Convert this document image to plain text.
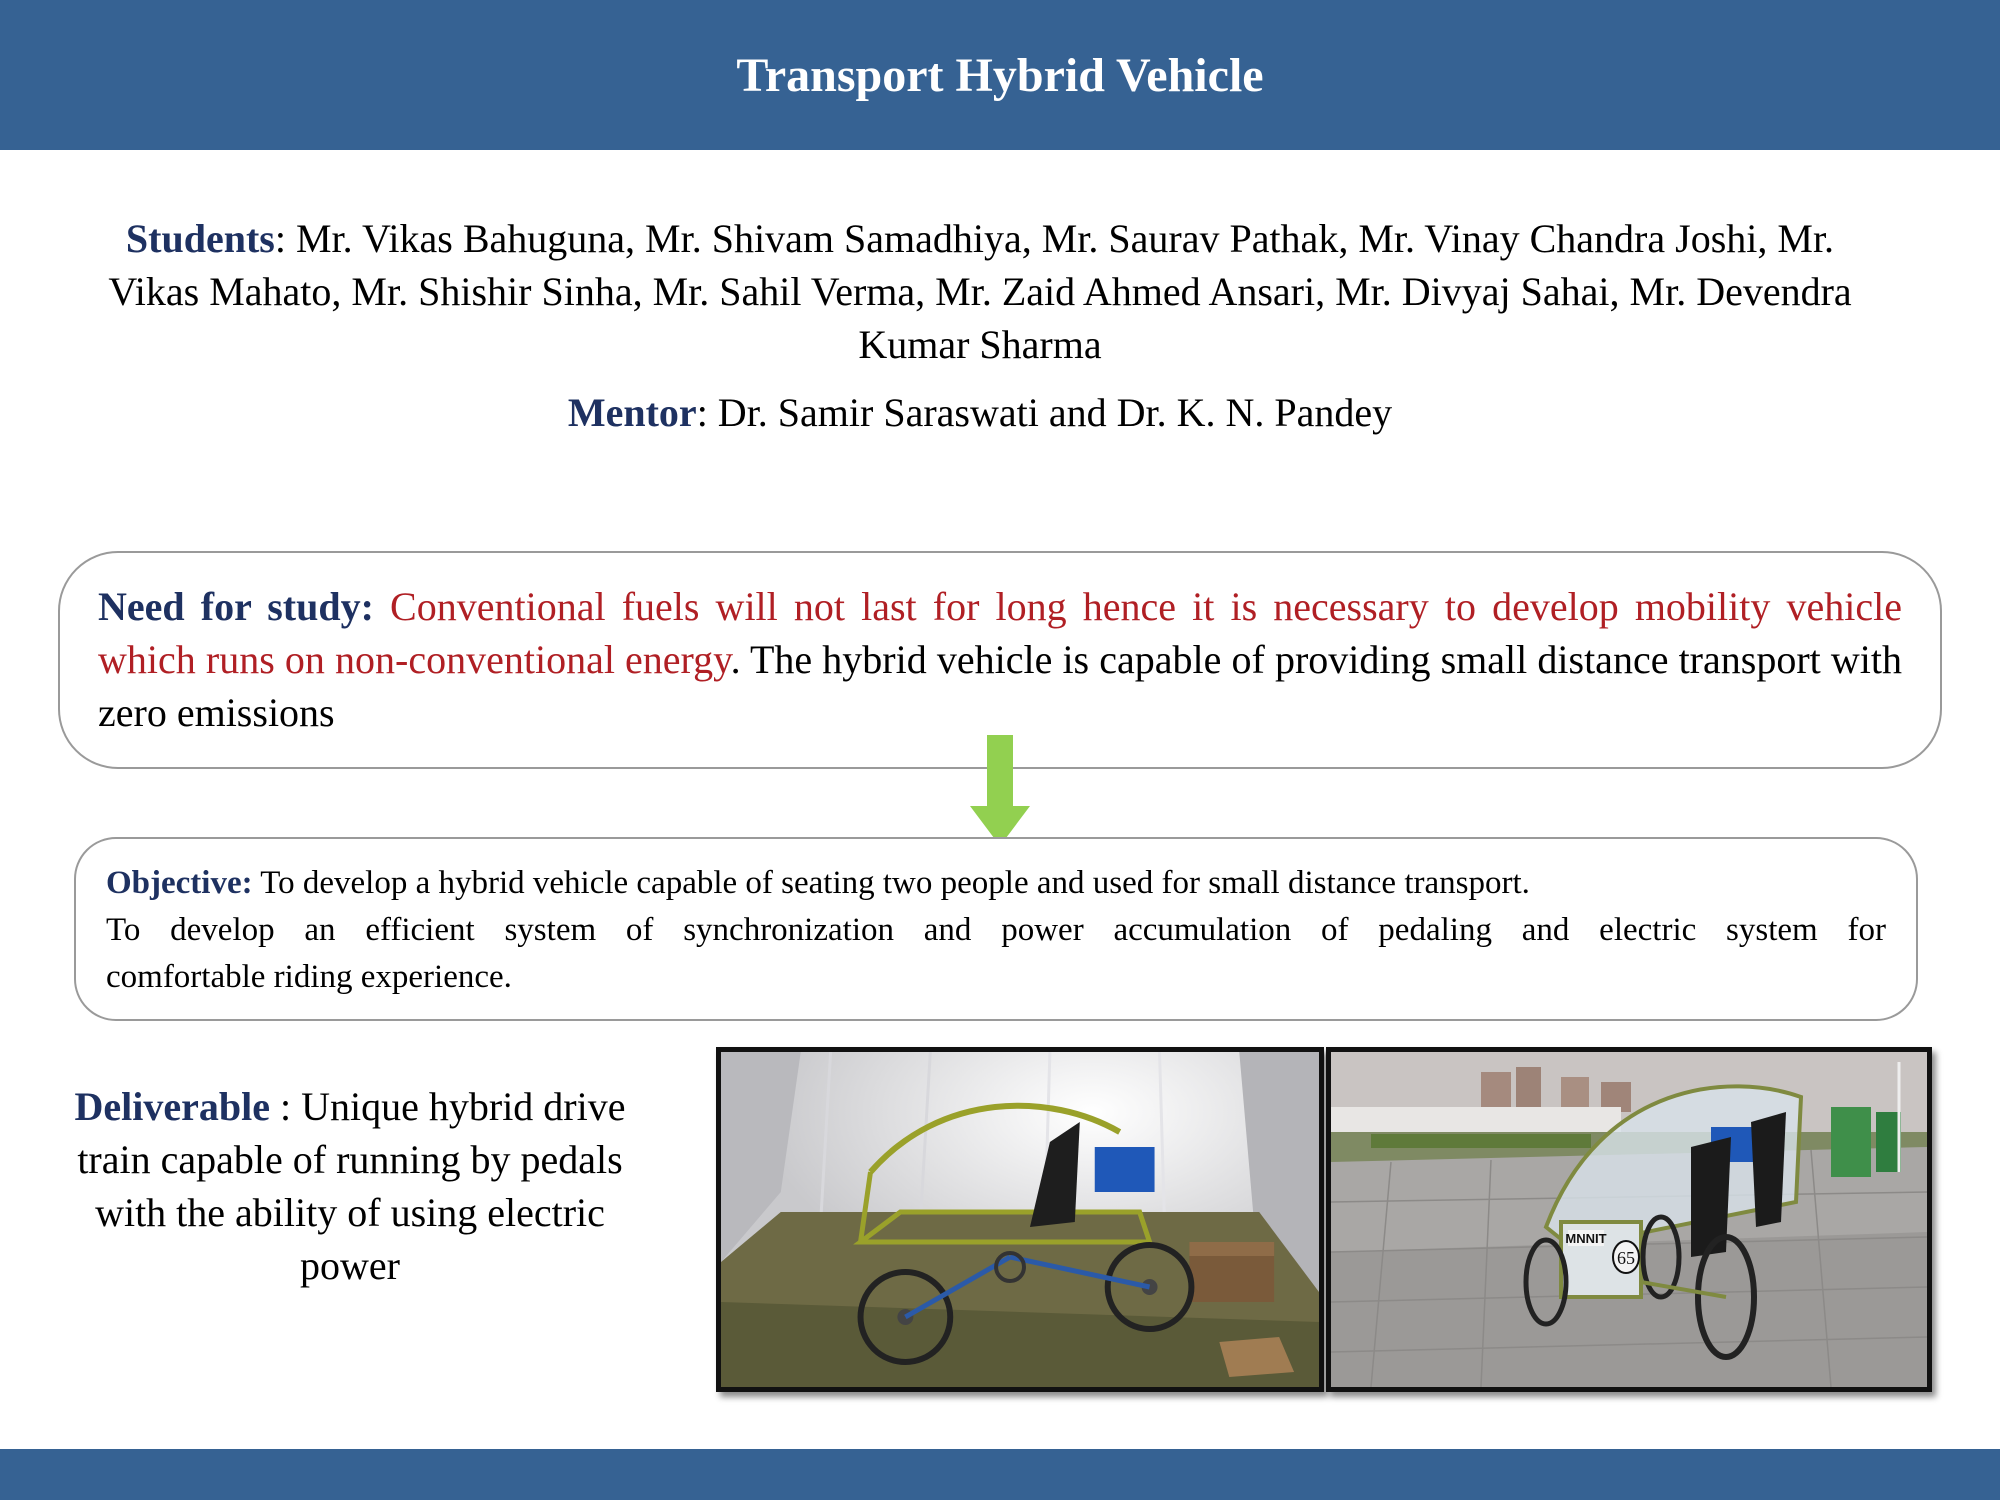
Transport Hybrid Vehicle
Students: Mr. Vikas Bahuguna, Mr. Shivam Samadhiya, Mr. Saurav Pathak, Mr. Vinay Chandra Joshi, Mr. Vikas Mahato, Mr. Shishir Sinha, Mr. Sahil Verma, Mr. Zaid Ahmed Ansari, Mr. Divyaj Sahai, Mr. Devendra Kumar Sharma
Mentor: Dr. Samir Saraswati and Dr. K. N. Pandey
Need for study: Conventional fuels will not last for long hence it is necessary to develop mobility vehicle which runs on non-conventional energy. The hybrid vehicle is capable of providing small distance transport with zero emissions
Objective: To develop a hybrid vehicle capable of seating two people and used for small distance transport.
To develop an efficient system of synchronization and power accumulation of pedaling and electric system for
comfortable riding experience.
Deliverable : Unique hybrid drive train capable of running by pedals with the ability of using electric power
MNNIT
65
